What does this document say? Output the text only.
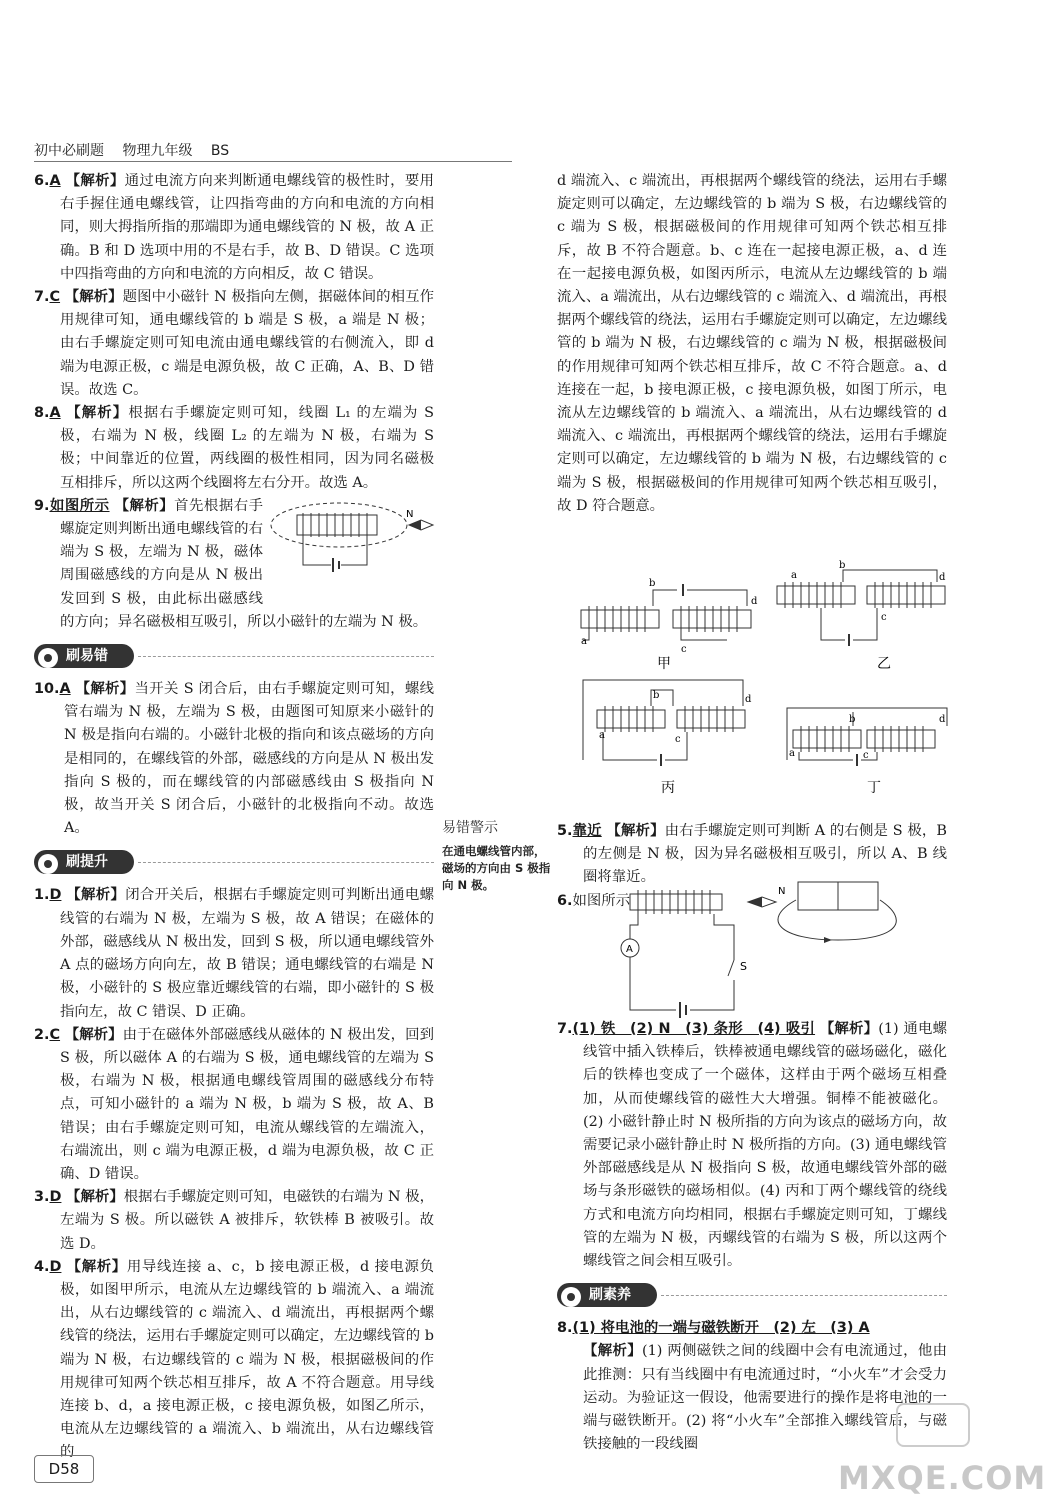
初中必刷题 物理九年级 BS

6.A 【解析】通过电流方向来判断通电螺线管的极性时，要用右手握住通电螺线管，让四指弯曲的方向和电流的方向相同，则大拇指所指的那端即为通电螺线管的 N 极，故 A 正确。B 和 D 选项中用的不是右手，故 B、D 错误。C 选项中四指弯曲的方向和电流的方向相反，故 C 错误。

7.C 【解析】题图中小磁针 N 极指向左侧，据磁体间的相互作用规律可知，通电螺线管的 b 端是 S 极，a 端是 N 极；由右手螺旋定则可知电流由通电螺线管的右侧流入，即 d 端为电源正极，c 端是电源负极，故 C 正确，A、B、D 错误。故选 C。

8.A 【解析】根据右手螺旋定则可知，线圈 L₁ 的左端为 S 极，右端为 N 极，线圈 L₂ 的左端为 N 极，右端为 S 极；中间靠近的位置，两线圈的极性相同，因为同名磁极互相排斥，所以这两个线圈将左右分开。故选 A。

N
9.如图所示 【解析】首先根据右手螺旋定则判断出通电螺线管的右端为 S 极，左端为 N 极，磁体周围磁感线的方向是从 N 极出发回到 S 极，由此标出磁感线的方向；异名磁极相互吸引，所以小磁针的左端为 N 极。
刷易错

10.A 【解析】当开关 S 闭合后，由右手螺旋定则可知，螺线管右端为 N 极，左端为 S 极，由题图可知原来小磁针的 N 极是指向右端的。小磁针北极的指向和该点磁场的方向是相同的，在螺线管的外部，磁感线的方向是从 N 极出发指向 S 极的，而在螺线管的内部磁感线由 S 极指向 N 极，故当开关 S 闭合后，小磁针的北极指向不动。故选 A。

刷提升

1.D 【解析】闭合开关后，根据右手螺旋定则可判断出通电螺线管的右端为 N 极，左端为 S 极，故 A 错误；在磁体的外部，磁感线从 N 极出发，回到 S 极，所以通电螺线管外 A 点的磁场方向向左，故 B 错误；通电螺线管的右端是 N 极，小磁针的 S 极应靠近螺线管的右端，即小磁针的 S 极指向左，故 C 错误、D 正确。

2.C 【解析】由于在磁体外部磁感线从磁体的 N 极出发，回到 S 极，所以磁体 A 的右端为 S 极，通电螺线管的左端为 S 极，右端为 N 极，根据通电螺线管周围的磁感线分布特点，可知小磁针的 a 端为 N 极，b 端为 S 极，故 A、B 错误；由右手螺旋定则可知，电流从螺线管的左端流入，右端流出，则 c 端为电源正极，d 端为电源负极，故 C 正确、D 错误。

3.D 【解析】根据右手螺旋定则可知，电磁铁的右端为 N 极，左端为 S 极。所以磁铁 A 被排斥，软铁棒 B 被吸引。故选 D。

4.D 【解析】用导线连接 a、c，b 接电源正极，d 接电源负极，如图甲所示，电流从左边螺线管的 b 端流入、a 端流出，从右边螺线管的 c 端流入、d 端流出，再根据两个螺线管的绕法，运用右手螺旋定则可以确定，左边螺线管的 b 端为 N 极，右边螺线管的 c 端为 N 极，根据磁极间的作用规律可知两个铁芯相互排斥，故 A 不符合题意。用导线连接 b、d，a 接电源正极，c 接电源负极，如图乙所示，电流从左边螺线管的 a 端流入、b 端流出，从右边螺线管的

易错警示
在通电螺线管内部，磁场的方向由 S 极指向 N 极。

d 端流入、c 端流出，再根据两个螺线管的绕法，运用右手螺旋定则可以确定，左边螺线管的 b 端为 S 极，右边螺线管的 c 端为 S 极，根据磁极间的作用规律可知两个铁芯相互排斥，故 B 不符合题意。b、c 连在一起接电源正极，a、d 连在一起接电源负极，如图丙所示，电流从左边螺线管的 b 端流入、a 端流出，从右边螺线管的 c 端流入、d 端流出，再根据两个螺线管的绕法，运用右手螺旋定则可以确定，左边螺线管的 b 端为 N 极，右边螺线管的 c 端为 N 极，根据磁极间的作用规律可知两个铁芯相互排斥，故 C 不符合题意。a、d 连接在一起，b 接电源正极，c 接电源负极，如图丁所示，电流从左边螺线管的 b 端流入、a 端流出，从右边螺线管的 d 端流入、c 端流出，再根据两个螺线管的绕法，运用右手螺旋定则可以确定，左边螺线管的 b 端为 N 极，右边螺线管的 c 端为 S 极，根据磁极间的作用规律可知两个铁芯相互吸引，故 D 符合题意。

a
b
c
d
甲
a
b
c
d
乙
a
b
c
d
丙
a
b
c
d
丁

5.靠近 【解析】由右手螺旋定则可判断 A 的右侧是 S 极，B 的左侧是 N 极，因为异名磁极相互吸引，所以 A、B 线圈将靠近。

6.如图所示

A
N
S

7.(1) 铁　(2) N　(3) 条形　(4) 吸引 【解析】(1) 通电螺线管中插入铁棒后，铁棒被通电螺线管的磁场磁化，磁化后的铁棒也变成了一个磁体，这样由于两个磁场互相叠加，从而使螺线管的磁性大大增强。铜棒不能被磁化。(2) 小磁针静止时 N 极所指的方向为该点的磁场方向，故需要记录小磁针静止时 N 极所指的方向。(3) 通电螺线管外部磁感线是从 N 极指向 S 极，故通电螺线管外部的磁场与条形磁铁的磁场相似。(4) 丙和丁两个螺线管的绕线方式和电流方向均相同，根据右手螺旋定则可知，丁螺线管的左端为 N 极，丙螺线管的右端为 S 极，所以这两个螺线管之间会相互吸引。

刷素养

8.(1) 将电池的一端与磁铁断开　(2) 左　(3) A
【解析】(1) 两侧磁铁之间的线圈中会有电流通过，他由此推测：只有当线圈中有电流通过时，“小火车”才会受力运动。为验证这一假设，他需要进行的操作是将电池的一端与磁铁断开。(2) 将“小火车”全部推入螺线管后，与磁铁接触的一段线圈

D58	MXQE.COM
